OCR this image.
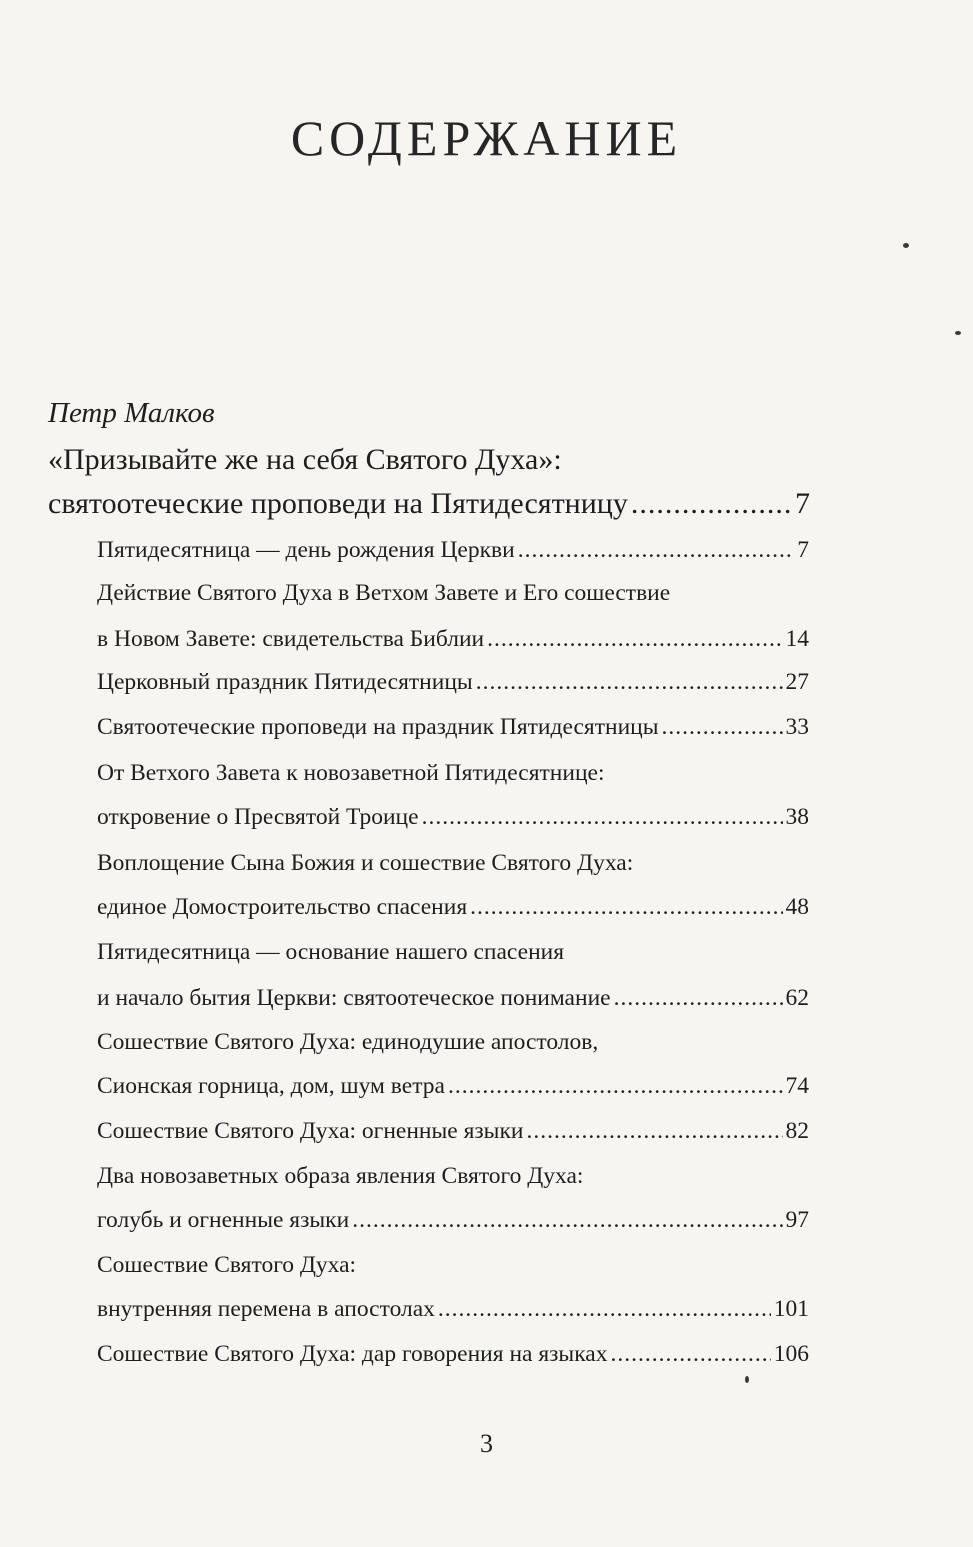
СОДЕРЖАНИЕ
Петр Малков
«Призывайте же на себя Святого Духа»:
святоотеческие проповеди на Пятидесятницу .....	7
Пятидесятница — день рождения Церкви .....	7
Действие Святого Духа в Ветхом Завете и Его сошествие
в Новом Завете: свидетельства Библии .....	14
Церковный праздник Пятидесятницы .....	27
Святоотеческие проповеди на праздник Пятидесятницы .....	33
От Ветхого Завета к новозаветной Пятидесятнице:
откровение о Пресвятой Троице .....	38
Воплощение Сына Божия и сошествие Святого Духа:
единое Домостроительство спасения .....	48
Пятидесятница — основание нашего спасения
и начало бытия Церкви: святоотеческое понимание .....	62
Сошествие Святого Духа: единодушие апостолов,
Сионская горница, дом, шум ветра .....	74
Сошествие Святого Духа: огненные языки .....	82
Два новозаветных образа явления Святого Духа:
голубь и огненные языки .....	97
Сошествие Святого Духа:
внутренняя перемена в апостолах .....	101
Сошествие Святого Духа: дар говорения на языках .....	106
3
